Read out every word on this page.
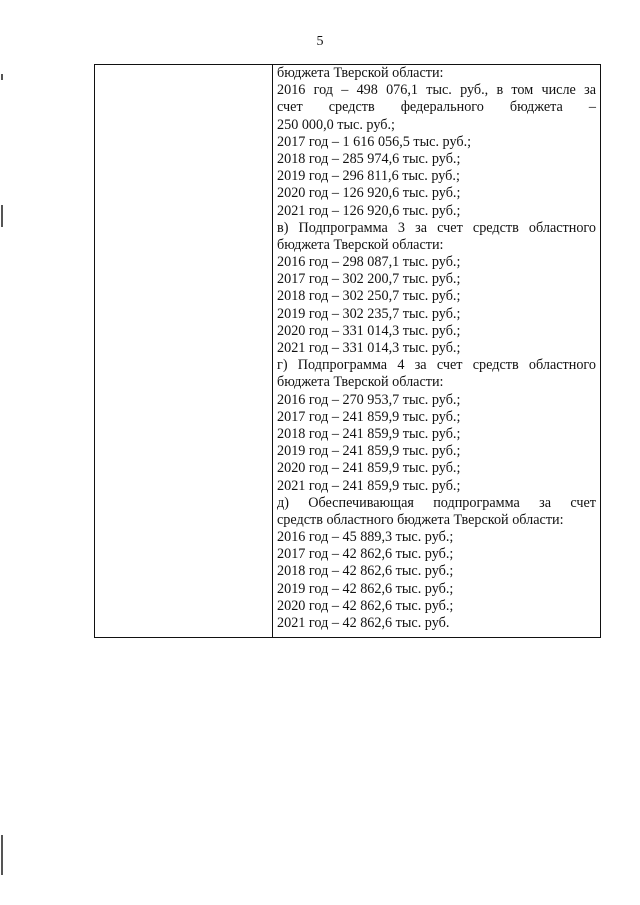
5
бюджета Тверской области:
2016 год – 498 076,1 тыс. руб., в том числе за
счет средств федерального бюджета –
250 000,0 тыс. руб.;
2017 год – 1 616 056,5 тыс. руб.;
2018 год – 285 974,6 тыс. руб.;
2019 год – 296 811,6 тыс. руб.;
2020 год – 126 920,6 тыс. руб.;
2021 год – 126 920,6 тыс. руб.;
в) Подпрограмма 3 за счет средств областного
бюджета Тверской области:
2016 год – 298 087,1 тыс. руб.;
2017 год – 302 200,7 тыс. руб.;
2018 год – 302 250,7 тыс. руб.;
2019 год – 302 235,7 тыс. руб.;
2020 год – 331 014,3 тыс. руб.;
2021 год – 331 014,3 тыс. руб.;
г) Подпрограмма 4 за счет средств областного
бюджета Тверской области:
2016 год – 270 953,7 тыс. руб.;
2017 год – 241 859,9 тыс. руб.;
2018 год – 241 859,9 тыс. руб.;
2019 год – 241 859,9 тыс. руб.;
2020 год – 241 859,9 тыс. руб.;
2021 год – 241 859,9 тыс. руб.;
д) Обеспечивающая подпрограмма за счет
средств областного бюджета Тверской области:
2016 год – 45 889,3 тыс. руб.;
2017 год – 42 862,6 тыс. руб.;
2018 год – 42 862,6 тыс. руб.;
2019 год – 42 862,6 тыс. руб.;
2020 год – 42 862,6 тыс. руб.;
2021 год – 42 862,6 тыс. руб.
